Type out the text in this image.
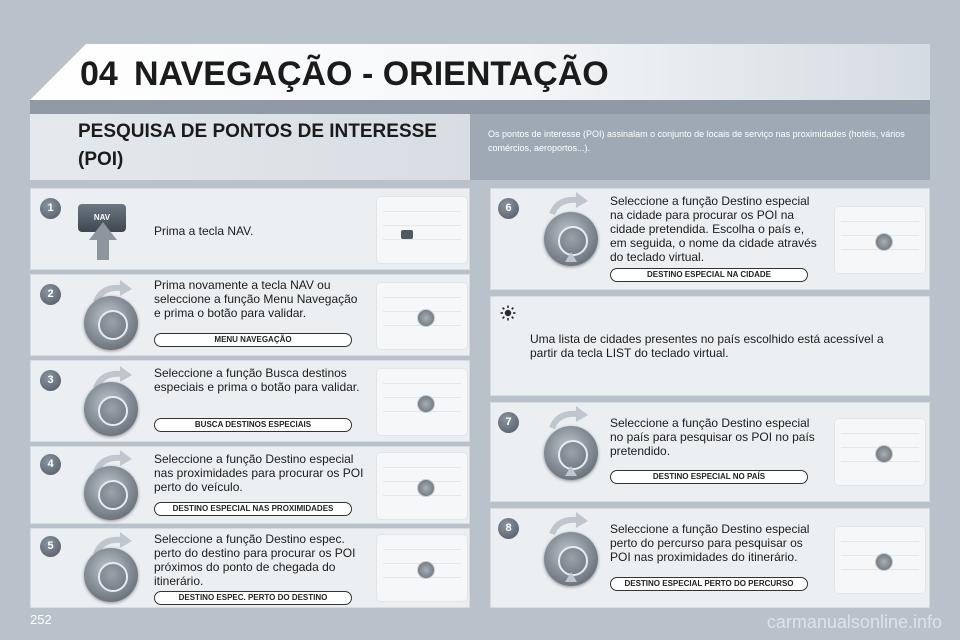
04 NAVEGAÇÃO - ORIENTAÇÃO
PESQUISA DE PONTOS DE INTERESSE (POI)
Os pontos de interesse (POI) assinalam o conjunto de locais de serviço nas proximidades (hotéis, vários comércios, aeroportos...).
1
NAV
Prima a tecla NAV.
2
Prima novamente a tecla NAV ou seleccione a função Menu Navegação e prima o botão para validar.
MENU NAVEGAÇÃO
3	Seleccione a função Busca destinos especiais e prima o botão para validar.
BUSCA DESTINOS ESPECIAIS
4	Seleccione a função Destino especial nas proximidades para procurar os POI perto do veículo.
DESTINO ESPECIAL NAS PROXIMIDADES
5	Seleccione a função Destino espec. perto do destino para procurar os POI próximos do ponto de chegada do itinerário.
DESTINO ESPEC. PERTO DO DESTINO
6	Seleccione a função Destino especial na cidade para procurar os POI na cidade pretendida. Escolha o país e, em seguida, o nome da cidade através do teclado virtual.
DESTINO ESPECIAL NA CIDADE
Uma lista de cidades presentes no país escolhido está acessível a partir da tecla LIST do teclado virtual.
7	Seleccione a função Destino especial no país para pesquisar os POI no país pretendido.
DESTINO ESPECIAL NO PAÍS
8	Seleccione a função Destino especial perto do percurso para pesquisar os POI nas proximidades do itinerário.
DESTINO ESPECIAL PERTO DO PERCURSO
252	carmanualsonline.info
